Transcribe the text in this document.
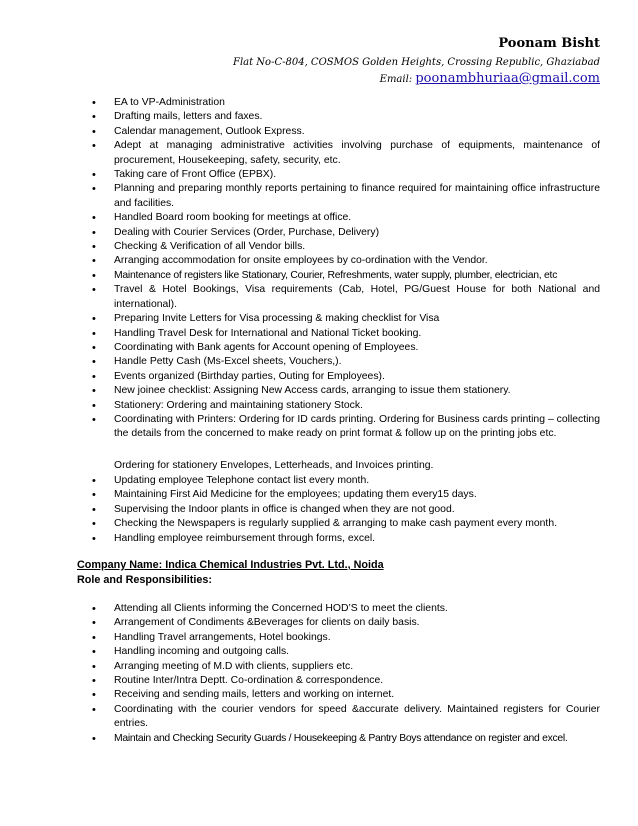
Poonam Bisht
Flat No-C-804, COSMOS Golden Heights, Crossing Republic, Ghaziabad
Email: poonambhuriaa@gmail.com
• EA to VP-Administration
• Drafting mails, letters and faxes.
• Calendar management, Outlook Express.
• Adept at managing administrative activities involving purchase of equipments, maintenance of procurement, Housekeeping, safety, security, etc.
• Taking care of Front Office (EPBX).
• Planning and preparing monthly reports pertaining to finance required for maintaining office infrastructure and facilities.
• Handled Board room booking for meetings at office.
• Dealing with Courier Services (Order, Purchase, Delivery)
• Checking & Verification of all Vendor bills.
• Arranging accommodation for onsite employees by co-ordination with the Vendor.
• Maintenance of registers like Stationary, Courier, Refreshments, water supply, plumber, electrician, etc
• Travel & Hotel Bookings, Visa requirements (Cab, Hotel, PG/Guest House for both National and international).
• Preparing Invite Letters for Visa processing & making checklist for Visa
• Handling Travel Desk for International and National Ticket booking.
• Coordinating with Bank agents for Account opening of Employees.
• Handle Petty Cash (Ms-Excel sheets, Vouchers,).
• Events organized (Birthday parties, Outing for Employees).
• New joinee checklist: Assigning New Access cards, arranging to issue them stationery.
• Stationery: Ordering and maintaining stationery Stock.
• Coordinating with Printers: Ordering for ID cards printing. Ordering for Business cards printing – collecting the details from the concerned to make ready on print format & follow up on the printing jobs etc.
Ordering for stationery Envelopes, Letterheads, and Invoices printing.
• Updating employee Telephone contact list every month.
• Maintaining First Aid Medicine for the employees; updating them every15 days.
• Supervising the Indoor plants in office is changed when they are not good.
• Checking the Newspapers is regularly supplied & arranging to make cash payment every month.
• Handling employee reimbursement through forms, excel.
Company Name: Indica Chemical Industries Pvt. Ltd., Noida
Role and Responsibilities:
• Attending all Clients informing the Concerned HOD’S to meet the clients.
• Arrangement of Condiments &Beverages for clients on daily basis.
• Handling Travel arrangements, Hotel bookings.
• Handling incoming and outgoing calls.
• Arranging meeting of M.D with clients, suppliers etc.
• Routine Inter/Intra Deptt. Co-ordination & correspondence.
• Receiving and sending mails, letters and working on internet.
• Coordinating with the courier vendors for speed &accurate delivery. Maintained registers for Courier entries.
• Maintain and Checking Security Guards / Housekeeping & Pantry Boys attendance on register and excel.
